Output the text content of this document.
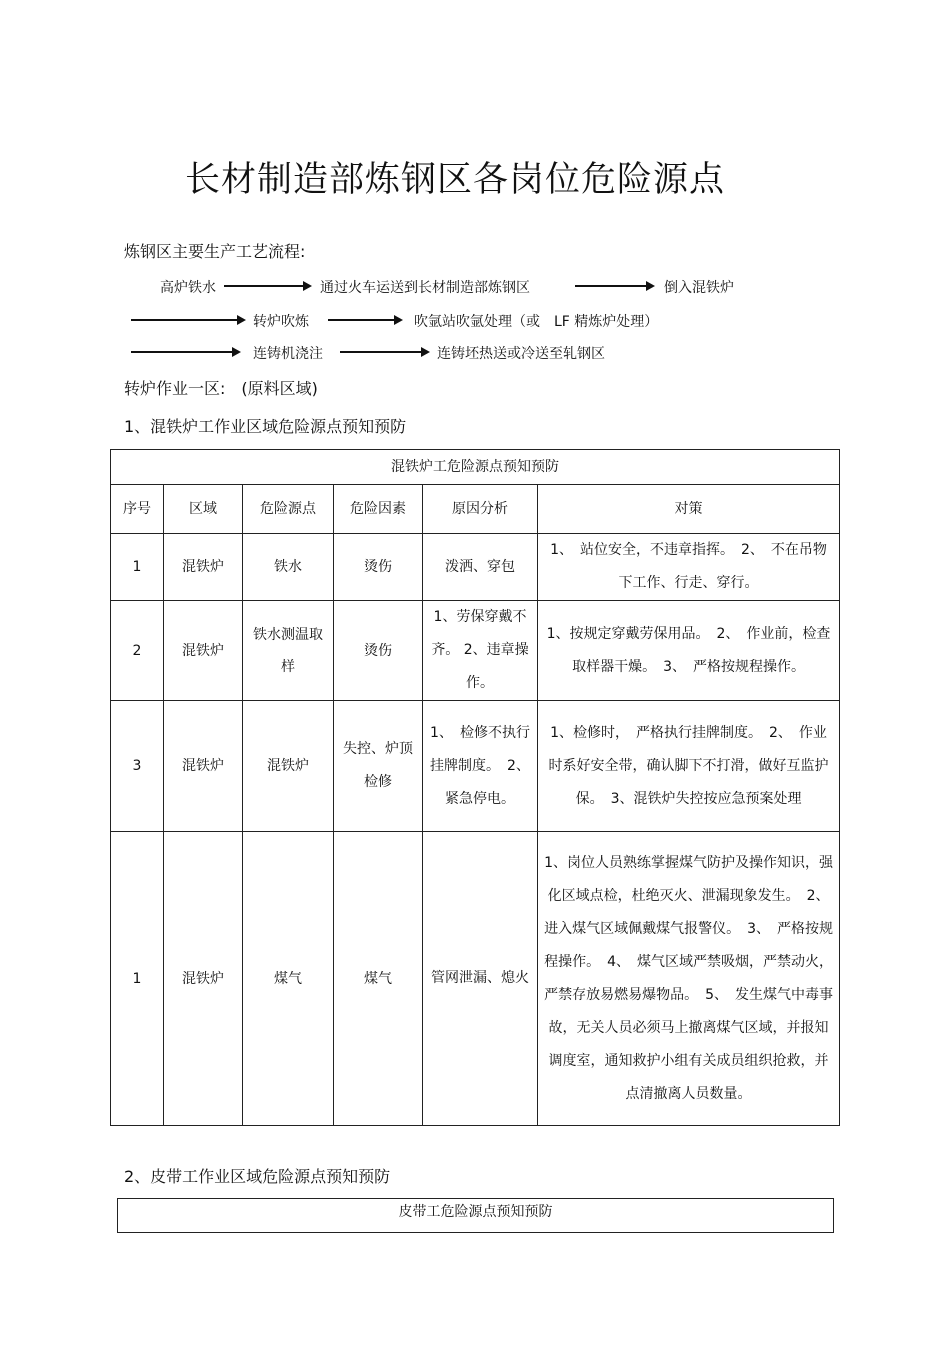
长材制造部炼钢区各岗位危险源点
炼钢区主要生产工艺流程:
高炉铁水	通过火车运送到长材制造部炼钢区	倒入混铁炉
转炉吹炼	吹氩站吹氩处理（或　LF 精炼炉处理）
连铸机浇注	连铸坯热送或冷送至轧钢区
转炉作业一区:　(原料区域)
1、混铁炉工作业区域危险源点预知预防
混铁炉工危险源点预知预防					
序号	区域	危险源点	危险因素	原因分析	对策
1	混铁炉	铁水	烫伤	泼洒、穿包	1、　站位安全，不违章指挥。　2、　不在吊物下工作、行走、穿行。
2	混铁炉	铁水测温取样	烫伤	1、劳保穿戴不齐。 2、违章操作。	1、按规定穿戴劳保用品。　2、　作业前，检查取样器干燥。　3、　严格按规程操作。
3	混铁炉	混铁炉	失控、炉顶检修	1、　检修不执行挂牌制度。　2、紧急停电。	1、检修时，　严格执行挂牌制度。　2、　作业时系好安全带，确认脚下不打滑，做好互监护保。　3、混铁炉失控按应急预案处理
1	混铁炉	煤气	煤气	管网泄漏、熄火	1、岗位人员熟练掌握煤气防护及操作知识，强化区域点检，杜绝灭火、泄漏现象发生。　2、进入煤气区域佩戴煤气报警仪。　3、　严格按规程操作。　4、　煤气区域严禁吸烟，严禁动火，严禁存放易燃易爆物品。　5、　发生煤气中毒事故，无关人员必须马上撤离煤气区域，并报知调度室，通知救护小组有关成员组织抢救，并点清撤离人员数量。
2、皮带工作业区域危险源点预知预防
皮带工危险源点预知预防
